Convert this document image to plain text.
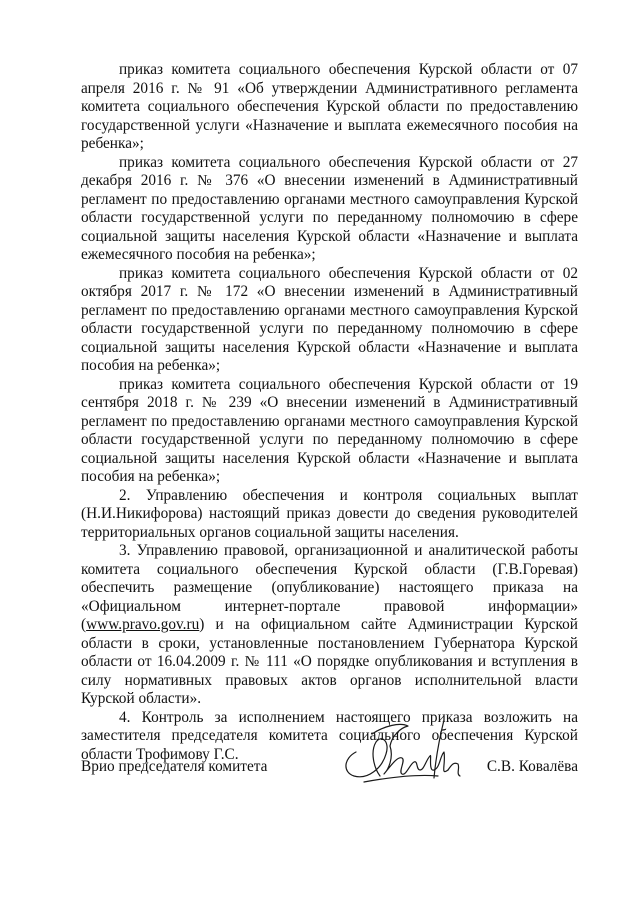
приказ комитета социального обеспечения Курской области от 07 апреля 2016 г. № 91 «Об утверждении Административного регламента комитета социального обеспечения Курской области по предоставлению государственной услуги «Назначение и выплата ежемесячного пособия на ребенка»;

приказ комитета социального обеспечения Курской области от 27 декабря 2016 г. № 376 «О внесении изменений в Административный регламент по предоставлению органами местного самоуправления Курской области государственной услуги по переданному полномочию в сфере социальной защиты населения Курской области «Назначение и выплата ежемесячного пособия на ребенка»;

приказ комитета социального обеспечения Курской области от 02 октября 2017 г. № 172 «О внесении изменений в Административный регламент по предоставлению органами местного самоуправления Курской области государственной услуги по переданному полномочию в сфере социальной защиты населения Курской области «Назначение и выплата пособия на ребенка»;

приказ комитета социального обеспечения Курской области от 19 сентября 2018 г. № 239 «О внесении изменений в Административный регламент по предоставлению органами местного самоуправления Курской области государственной услуги по переданному полномочию в сфере социальной защиты населения Курской области «Назначение и выплата пособия на ребенка»;

2. Управлению обеспечения и контроля социальных выплат (Н.И.Никифорова) настоящий приказ довести до сведения руководителей территориальных органов социальной защиты населения.

3. Управлению правовой, организационной и аналитической работы комитета социального обеспечения Курской области (Г.В.Горевая) обеспечить размещение (опубликование) настоящего приказа на «Официальном интернет-портале правовой информации» (www.pravo.gov.ru) и на официальном сайте Администрации Курской области в сроки, установленные постановлением Губернатора Курской области от 16.04.2009 г. № 111 «О порядке опубликования и вступления в силу нормативных правовых актов органов исполнительной власти Курской области».

4. Контроль за исполнением настоящего приказа возложить на заместителя председателя комитета социального обеспечения Курской области Трофимову Г.С.

Врио председателя комитета	С.В. Ковалёва
